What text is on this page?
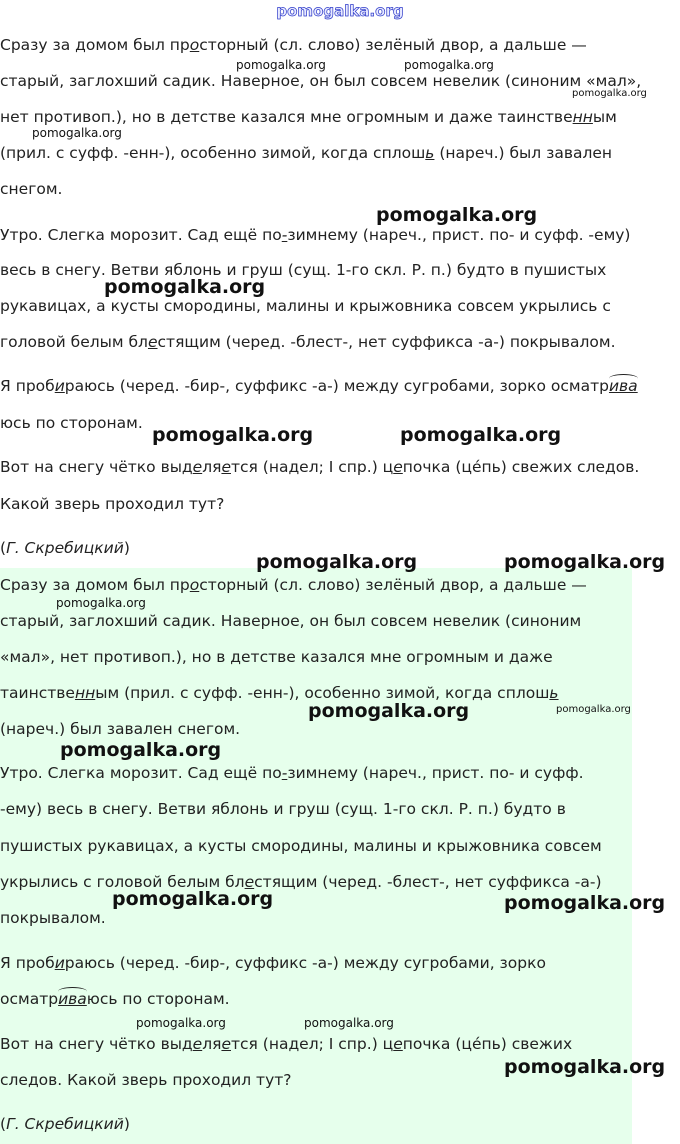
pomogalka.org
Сразу за домом был просторный (сл. слово) зелёный двор, а дальше —
старый, заглохший садик. Наверное, он был совсем невелик (синоним «мал»,
нет противоп.), но в детстве казался мне огромным и даже таинственным
(прил. с суфф. -енн-), особенно зимой, когда сплошь (нареч.) был завален
снегом.
Утро. Слегка морозит. Сад ещё по-зимнему (нареч., прист. по- и суфф. -ему)
весь в снегу. Ветви яблонь и груш (сущ. 1-го скл. Р. п.) будто в пушистых
рукавицах, а кусты смородины, малины и крыжовника совсем укрылись с
головой белым блестящим (черед. -блест-, нет суффикса -а-) покрывалом.
Я пробираюсь (черед. -бир-, суффикс -а-) между сугробами, зорко осматрива
юсь по сторонам.
Вот на снегу чётко выделяется (надел; I спр.) цепочка (цéпь) свежих следов.
Какой зверь проходил тут?
(Г. Скребицкий)
Сразу за домом был просторный (сл. слово) зелёный двор, а дальше —
старый, заглохший садик. Наверное, он был совсем невелик (синоним
«мал», нет противоп.), но в детстве казался мне огромным и даже
таинственным (прил. с суфф. -енн-), особенно зимой, когда сплошь
(нареч.) был завален снегом.
Утро. Слегка морозит. Сад ещё по-зимнему (нареч., прист. по- и суфф.
-ему) весь в снегу. Ветви яблонь и груш (сущ. 1-го скл. Р. п.) будто в
пушистых рукавицах, а кусты смородины, малины и крыжовника совсем
укрылись с головой белым блестящим (черед. -блест-, нет суффикса -а-)
покрывалом.
Я пробираюсь (черед. -бир-, суффикс -а-) между сугробами, зорко
осматриваюсь по сторонам.
Вот на снегу чётко выделяется (надел; I спр.) цепочка (цéпь) свежих
следов. Какой зверь проходил тут?
(Г. Скребицкий)
pomogalka.org	pomogalka.org
pomogalka.org
pomogalka.org
pomogalka.org
pomogalka.org
pomogalka.org	pomogalka.org
pomogalka.org	pomogalka.org
pomogalka.org
pomogalka.org	pomogalka.org
pomogalka.org
pomogalka.org	pomogalka.org
pomogalka.org	pomogalka.org
pomogalka.org
